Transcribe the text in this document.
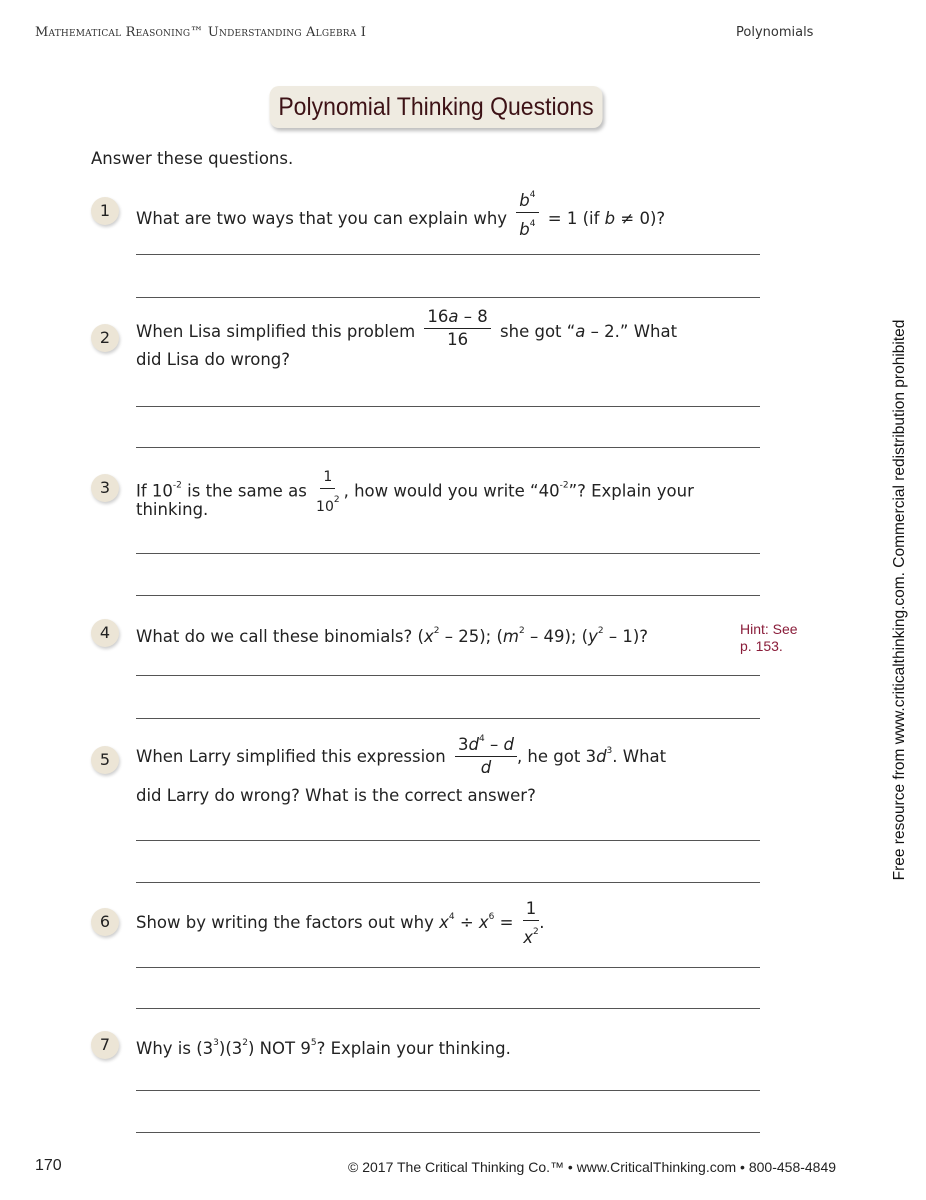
Mathematical Reasoning™ Understanding Algebra I	Polynomials
Polynomial Thinking Questions
Answer these questions.
1	What are two ways that you can explain why $\frac{b^4}{b^4} = 1$ (if b ≠ 0)?
2	When Lisa simplified this problem $\frac{16a - 8}{16}$ she got “a – 2.” What
did Lisa do wrong?
3	If $10^{-2}$ is the same as $\frac{1}{10^2}$ , how would you write “$40^{-2}$”? Explain your
thinking.
4	What do we call these binomials? $(x^2 - 25)$; $(m^2 - 49)$; $(y^2 - 1)$?	Hint: See
p. 153.
5	When Larry simplified this expression $\frac{3d^4 - d}{d}$ , he got $3d^3$. What
did Larry do wrong? What is the correct answer?
6	Show by writing the factors out why $x^4 \div x^6 = \frac{1}{x^2}$ .
7	Why is $(3^3)(3^2)$ NOT $9^5$? Explain your thinking.
Free resource from www.criticalthinking.com. Commercial redistribution prohibited
170	© 2017 The Critical Thinking Co.™ • www.CriticalThinking.com • 800-458-4849
